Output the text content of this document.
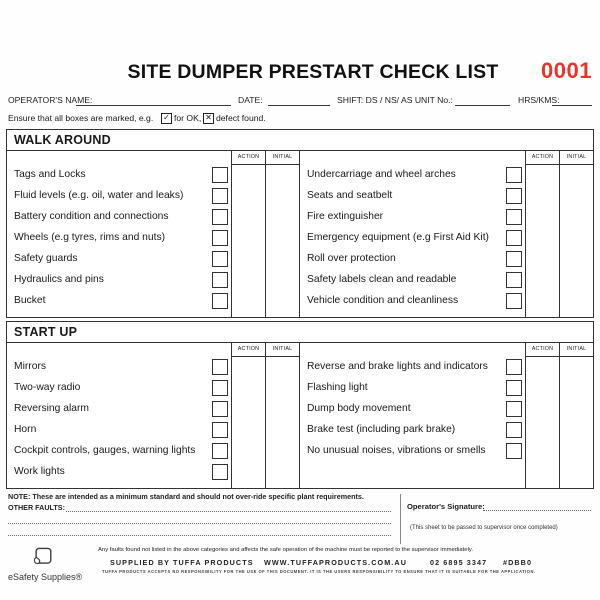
SITE DUMPER PRESTART CHECK LIST	0001
OPERATOR'S NAME:	DATE:	SHIFT: DS / NS/ AS UNIT No.:	HRS/KMS:
Ensure that all boxes are marked, e.g. ✓ for OK, ✕ defect found.
WALK AROUND
Tags and Locks
Fluid levels (e.g. oil, water and leaks)
Battery condition and connections
Wheels (e.g tyres, rims and nuts)
Safety guards
Hydraulics and pins
Bucket
ACTION	INITIAL
Undercarriage and wheel arches
Seats and seatbelt
Fire extinguisher
Emergency equipment (e.g First Aid Kit)
Roll over protection
Safety labels clean and readable
Vehicle condition and cleanliness
ACTION	INITIAL
START UP
Mirrors
Two-way radio
Reversing alarm
Horn
Cockpit controls, gauges, warning lights
Work lights
ACTION	INITIAL
Reverse and brake lights and indicators
Flashing light
Dump body movement
Brake test (including park brake)
No unusual noises, vibrations or smells
ACTION	INITIAL
NOTE: These are intended as a minimum standard and should not over-ride specific plant requirements.
OTHER FAULTS:	Operator's Signature:
(This sheet to be passed to supervisor once completed)
eSafety Supplies®
Any faults found not listed in the above categories and affects the safe operation of the machine must be reported to the supervisor immediately.
SUPPLIED BY TUFFA PRODUCTS WWW.TUFFAPRODUCTS.COM.AU	02 6895 3347 #DBB0
TUFFA PRODUCTS ACCEPTS NO RESPONSIBILITY FOR THE USE OF THIS DOCUMENT. IT IS THE USERS RESPONSIBILITY TO ENSURE THAT IT IS SUITABLE FOR THE APPLICATION.
